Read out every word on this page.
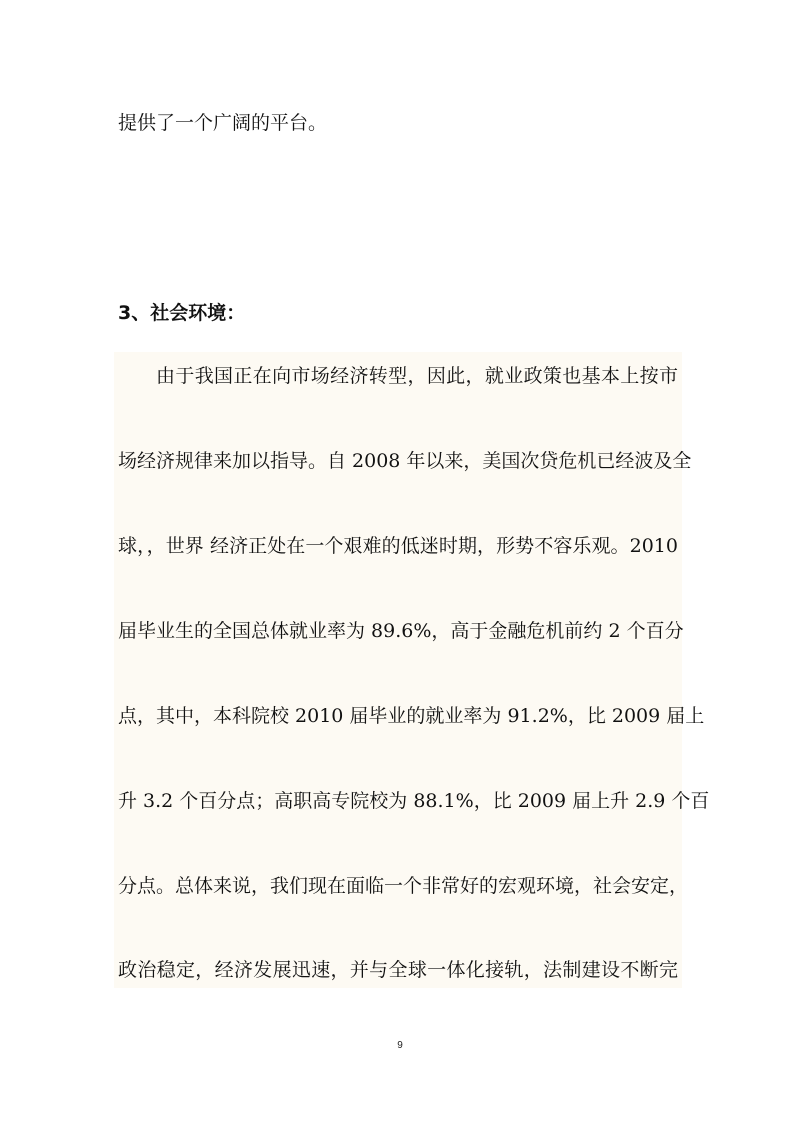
提供了一个广阔的平台。
3、社会环境：
由于我国正在向市场经济转型，因此，就业政策也基本上按市
场经济规律来加以指导。自 2008 年以来，美国次贷危机已经波及全
球，，世界 经济正处在一个艰难的低迷时期，形势不容乐观。2010
届毕业生的全国总体就业率为 89.6%，高于金融危机前约 2 个百分
点，其中，本科院校 2010 届毕业的就业率为 91.2%，比 2009 届上
升 3.2 个百分点；高职高专院校为 88.1%，比 2009 届上升 2.9 个百
分点。总体来说，我们现在面临一个非常好的宏观环境，社会安定，
政治稳定，经济发展迅速，并与全球一体化接轨，法制建设不断完
9
